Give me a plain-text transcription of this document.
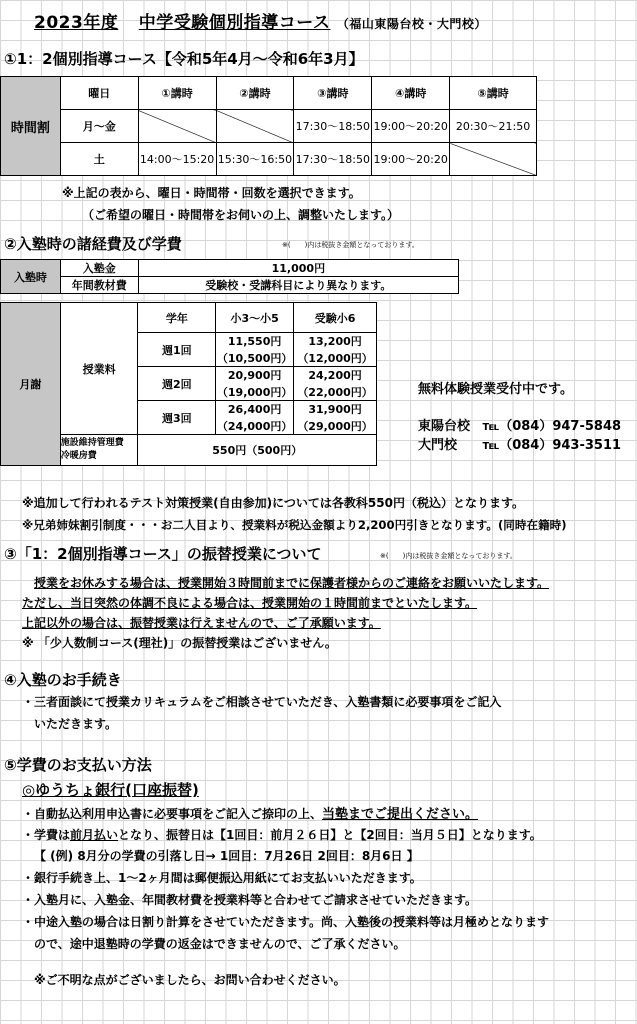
2023年度 中学受験個別指導コース （福山東陽台校・大門校）
①1：2個別指導コース【令和5年4月～令和6年3月】
時間割	曜日	①講時	②講時	③講時	④講時	⑤講時
	月～金			17:30～18:50	19:00～20:20	20:30～21:50
	土	14:00～15:20	15:30～16:50	17:30～18:50	19:00～20:20	
※上記の表から、曜日・時間帯・回数を選択できます。
（ご希望の曜日・時間帯をお伺いの上、調整いたします。）
②入塾時の諸経費及び学費	※(　　)内は税抜き金額となっております。
入塾時	入塾金	11,000円
	年間教材費	受験校・受講科目により異なります。
月謝	授業料	学年	小3～小5	受験小6
		週1回	11,550円	13,200円
			（10,500円）	（12,000円）
		週2回	20,900円	24,200円
			（19,000円）	（22,000円）
		週3回	26,400円	31,900円
			（24,000円）	（29,000円）

	施設維持管理費
冷暖房費	550円（500円）		
無料体験授業受付中です。
東陽台校 ℡（084）947-5848
大門校 ℡（084）943-3511
※追加して行われるテスト対策授業(自由参加)については各教科550円（税込）となります。
※兄弟姉妹割引制度・・・お二人目より、授業料が税込金額より2,200円引きとなります。(同時在籍時)
③「1：2個別指導コース」の振替授業について	※(　　)内は税抜き金額となっております。
授業をお休みする場合は、授業開始３時間前までに保護者様からのご連絡をお願いいたします。
ただし、当日突然の体調不良による場合は、授業開始の１時間前までといたします。
上記以外の場合は、振替授業は行えませんので、ご了承願います。
※ 「少人数制コース(理社)」の振替授業はございません。
④入塾のお手続き
・三者面談にて授業カリキュラムをご相談させていただき、入塾書類に必要事項をご記入
いただきます。
⑤学費のお支払い方法
◎ゆうちょ銀行(口座振替)
・自動払込利用申込書に必要事項をご記入ご捺印の上、当塾までご提出ください。
・学費は前月払いとなり、振替日は【1回目：前月２６日】と【2回目：当月５日】となります。
【 (例) 8月分の学費の引落し日→ 1回目：7月26日 2回目：8月6日 】
・銀行手続き上、1～2ヶ月間は郵便振込用紙にてお支払いいただきます。
・入塾月に、入塾金、年間教材費を授業料等と合わせてご請求させていただきます。
・中途入塾の場合は日割り計算をさせていただきます。尚、入塾後の授業料等は月極めとなります
ので、途中退塾時の学費の返金はできませんので、ご了承ください。
※ご不明な点がございましたら、お問い合わせください。
